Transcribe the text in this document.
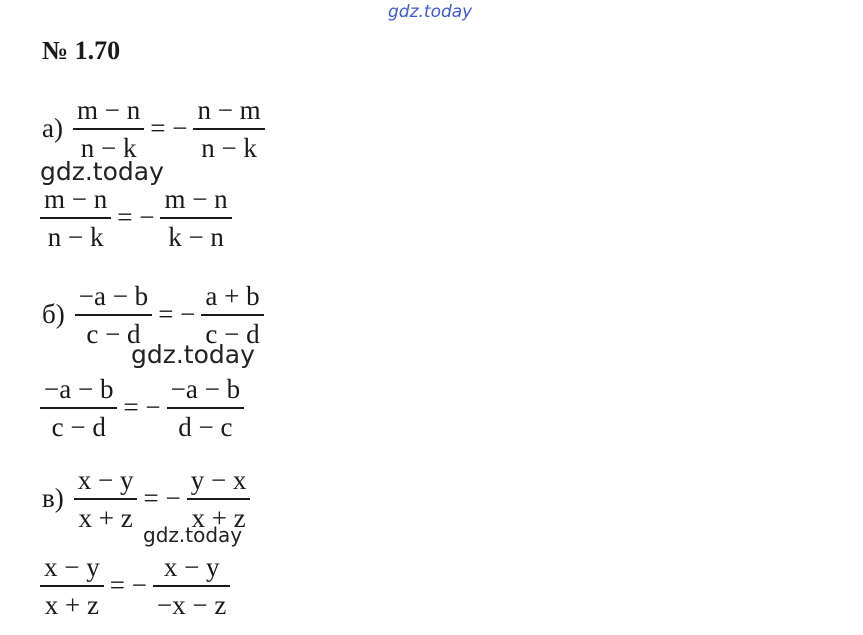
gdz.today
№ 1.70
$а) \frac{m - n}{n - k}$ = − $\frac{n - m}{n - k}$
gdz.today
$\frac{m - n}{n - k}$ = − $\frac{m - n}{k - n}$
$б) \frac{-a - b}{c - d}$ = − $\frac{a + b}{c - d}$
gdz.today
$\frac{-a - b}{c - d}$ = − $\frac{-a - b}{d - c}$
$в) \frac{x - y}{x + z}$ = − $\frac{y - x}{x + z}$
gdz.today
$\frac{x - y}{x + z}$ = − $\frac{x - y}{-x - z}$
